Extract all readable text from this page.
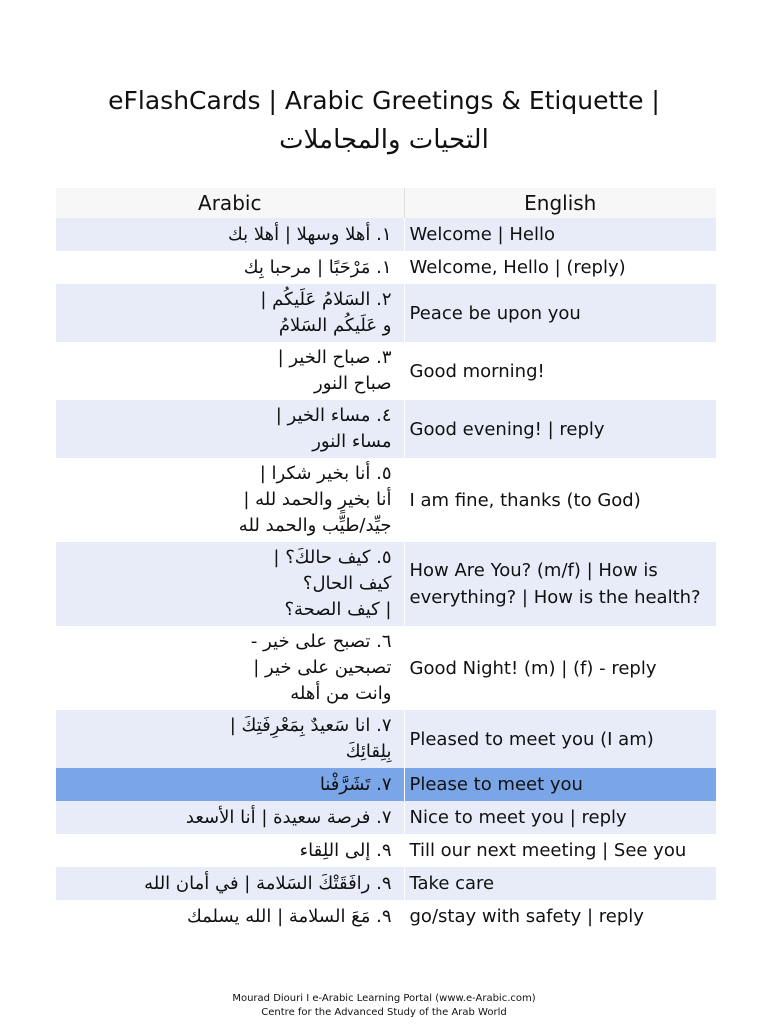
eFlashCards | Arabic Greetings & Etiquette |
التحيات والمجاملات
Arabic	English

١. أهلا وسهلا | أهلا بك	Welcome | Hello

١. مَرْحَبًا | مرحبا بِك	Welcome, Hello | (reply)

٢. السَلامُ عَلَيكُم |
و عَلَيكُم السَلامُ	Peace be upon you

٣. صباح الخير |
صباح النور	Good morning!

٤. مساء الخير |
مساء النور	Good evening! | reply

٥. أنا بخير شكرا |
أنا بخيرٍ والحمد لله |
جيِّد/طيِّب والحمد لله	I am fine, thanks (to God)

٥. كيف حالكَ؟ |
كيف الحال؟
| كيف الصحة؟	How Are You? (m/f) | How is everything? | How is the health?

٦. تصبح على خير -
تصبحين على خير |
وانت من أهله	Good Night! (m) | (f) - reply

٧. انا سَعيدٌ بِمَعْرِفَتِكَ |
بِلِقائِكَ	Pleased to meet you (I am)

٧. تَشَرَّفْنا	Please to meet you

٧. فرصة سعيدة | أنا الأسعد	Nice to meet you | reply

٩. إلى اللِقاء	Till our next meeting | See you

٩. رافَقَتْكَ السَلامة | في أمان الله	Take care

٩. مَعَ السلامة | الله يسلمك	go/stay with safety | reply
Mourad Diouri I e-Arabic Learning Portal (www.e-Arabic.com)
Centre for the Advanced Study of the Arab World
